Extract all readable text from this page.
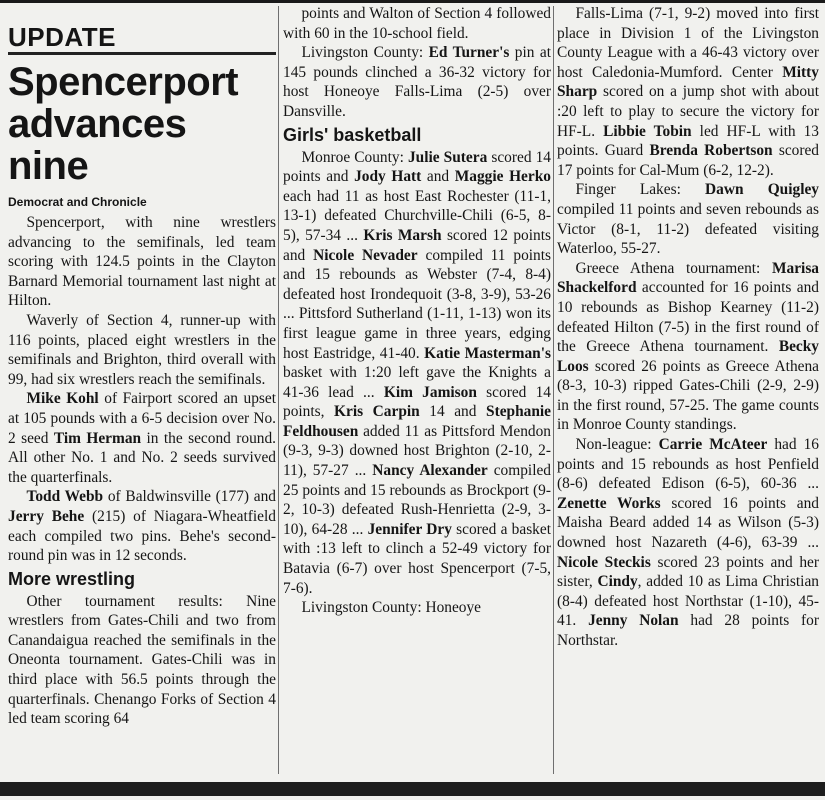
UPDATE
Spencerport advances nine
Democrat and Chronicle

Spencerport, with nine wrestlers advancing to the semifinals, led team scoring with 124.5 points in the Clayton Barnard Memorial tournament last night at Hilton.

Waverly of Section 4, runner-up with 116 points, placed eight wrestlers in the semifinals and Brighton, third overall with 99, had six wrestlers reach the semifinals.

Mike Kohl of Fairport scored an upset at 105 pounds with a 6-5 decision over No. 2 seed Tim Herman in the second round. All other No. 1 and No. 2 seeds survived the quarterfinals.

Todd Webb of Baldwinsville (177) and Jerry Behe (215) of Niagara-Wheatfield each compiled two pins. Behe's second-round pin was in 12 seconds.

More wrestling

Other tournament results: Nine wrestlers from Gates-Chili and two from Canandaigua reached the semifinals in the Oneonta tournament. Gates-Chili was in third place with 56.5 points through the quarterfinals. Chenango Forks of Section 4 led team scoring 64

points and Walton of Section 4 followed with 60 in the 10-school field.

Livingston County: Ed Turner's pin at 145 pounds clinched a 36-32 victory for host Honeoye Falls-Lima (2-5) over Dansville.

Girls' basketball

Monroe County: Julie Sutera scored 14 points and Jody Hatt and Maggie Herko each had 11 as host East Rochester (11-1, 13-1) defeated Churchville-Chili (6-5, 8-5), 57-34 ... Kris Marsh scored 12 points and Nicole Nevader compiled 11 points and 15 rebounds as Webster (7-4, 8-4) defeated host Irondequoit (3-8, 3-9), 53-26 ... Pittsford Sutherland (1-11, 1-13) won its first league game in three years, edging host Eastridge, 41-40. Katie Masterman's basket with 1:20 left gave the Knights a 41-36 lead ... Kim Jamison scored 14 points, Kris Carpin 14 and Stephanie Feldhousen added 11 as Pittsford Mendon (9-3, 9-3) downed host Brighton (2-10, 2-11), 57-27 ... Nancy Alexander compiled 25 points and 15 rebounds as Brockport (9-2, 10-3) defeated Rush-Henrietta (2-9, 3-10), 64-28 ... Jennifer Dry scored a basket with :13 left to clinch a 52-49 victory for Batavia (6-7) over host Spencerport (7-5, 7-6).

Livingston County: Honeoye

Falls-Lima (7-1, 9-2) moved into first place in Division 1 of the Livingston County League with a 46-43 victory over host Caledonia-Mumford. Center Mitty Sharp scored on a jump shot with about :20 left to play to secure the victory for HF-L. Libbie Tobin led HF-L with 13 points. Guard Brenda Robertson scored 17 points for Cal-Mum (6-2, 12-2).

Finger Lakes: Dawn Quigley compiled 11 points and seven rebounds as Victor (8-1, 11-2) defeated visiting Waterloo, 55-27.

Greece Athena tournament: Marisa Shackelford accounted for 16 points and 10 rebounds as Bishop Kearney (11-2) defeated Hilton (7-5) in the first round of the Greece Athena tournament. Becky Loos scored 26 points as Greece Athena (8-3, 10-3) ripped Gates-Chili (2-9, 2-9) in the first round, 57-25. The game counts in Monroe County standings.

Non-league: Carrie McAteer had 16 points and 15 rebounds as host Penfield (8-6) defeated Edison (6-5), 60-36 ... Zenette Works scored 16 points and Maisha Beard added 14 as Wilson (5-3) downed host Nazareth (4-6), 63-39 ... Nicole Steckis scored 23 points and her sister, Cindy, added 10 as Lima Christian (8-4) defeated host Northstar (1-10), 45-41. Jenny Nolan had 28 points for Northstar.
